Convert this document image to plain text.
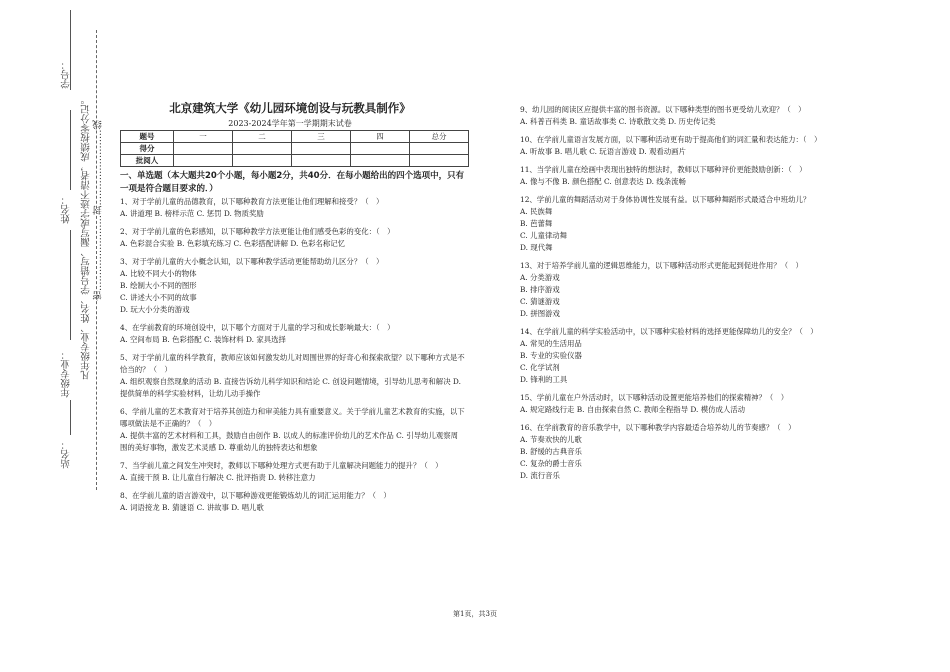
学号：
姓名：
年级专业：
站名：
凡年级专业、姓名、学号错写、漏写或字迹不清者，成绩按零分记。 密……………………封……………………线
北京建筑大学《幼儿园环境创设与玩教具制作》
2023-2024学年第一学期期末试卷
题号	一	二	三	四	总分
得分					
批阅人					
一、单选题（本大题共20个小题，每小题2分，共40分．在每小题给出的四个选项中，只有一项是符合题目要求的．）

1、对于学前儿童的品德教育，以下哪种教育方法更能让他们理解和接受？（　）

A. 讲道理 B. 榜样示范 C. 惩罚 D. 物质奖励

2、对于学前儿童的色彩感知，以下哪种教学方法更能让他们感受色彩的变化：（　）

A. 色彩混合实验 B. 色彩填充练习 C. 色彩搭配讲解 D. 色彩名称记忆

3、对于学前儿童的大小概念认知，以下哪种教学活动更能帮助幼儿区分？（　）

A. 比较不同大小的物体

B. 绘制大小不同的图形

C. 讲述大小不同的故事

D. 玩大小分类的游戏

4、在学前教育的环境创设中，以下哪个方面对于儿童的学习和成长影响最大：（　）

A. 空间布局 B. 色彩搭配 C. 装饰材料 D. 家具选择

5、对于学前儿童的科学教育，教师应该如何激发幼儿对周围世界的好奇心和探索欲望？以下哪种方式是不恰当的？（　）

A. 组织观察自然现象的活动 B. 直接告诉幼儿科学知识和结论 C. 创设问题情境，引导幼儿思考和解决 D. 提供简单的科学实验材料，让幼儿动手操作

6、学前儿童的艺术教育对于培养其创造力和审美能力具有重要意义。关于学前儿童艺术教育的实施，以下哪项做法是不正确的？（　）

A. 提供丰富的艺术材料和工具，鼓励自由创作 B. 以成人的标准评价幼儿的艺术作品 C. 引导幼儿观察周围的美好事物，激发艺术灵感 D. 尊重幼儿的独特表达和想象

7、当学前儿童之间发生冲突时，教师以下哪种处理方式更有助于儿童解决问题能力的提升？（　）

A. 直接干预 B. 让儿童自行解决 C. 批评指责 D. 转移注意力

8、在学前儿童的语言游戏中，以下哪种游戏更能锻炼幼儿的词汇运用能力？（　）

A. 词语接龙 B. 猜谜语 C. 讲故事 D. 唱儿歌

9、幼儿园的阅读区应提供丰富的图书资源。以下哪种类型的图书更受幼儿欢迎？（　）

A. 科普百科类 B. 童话故事类 C. 诗歌散文类 D. 历史传记类

10、在学前儿童语言发展方面，以下哪种活动更有助于提高他们的词汇量和表达能力：（　）

A. 听故事 B. 唱儿歌 C. 玩语言游戏 D. 观看动画片

11、当学前儿童在绘画中表现出独特的想法时，教师以下哪种评价更能鼓励创新：（　）

A. 像与不像 B. 颜色搭配 C. 创意表达 D. 线条流畅

12、学前儿童的舞蹈活动对于身体协调性发展有益。以下哪种舞蹈形式最适合中班幼儿？

A. 民族舞

B. 芭蕾舞

C. 儿童律动舞

D. 现代舞

13、对于培养学前儿童的逻辑思维能力，以下哪种活动形式更能起到促进作用？（　）

A. 分类游戏

B. 排序游戏

C. 猜谜游戏

D. 拼图游戏

14、在学前儿童的科学实验活动中，以下哪种实验材料的选择更能保障幼儿的安全？（　）

A. 常见的生活用品

B. 专业的实验仪器

C. 化学试剂

D. 锋利的工具

15、学前儿童在户外活动时，以下哪种活动设置更能培养他们的探索精神？（　）

A. 规定路线行走 B. 自由探索自然 C. 教师全程指导 D. 模仿成人活动

16、在学前教育的音乐教学中，以下哪种教学内容最适合培养幼儿的节奏感？（　）

A. 节奏欢快的儿歌

B. 舒缓的古典音乐

C. 复杂的爵士音乐

D. 流行音乐

第1页，共3页
